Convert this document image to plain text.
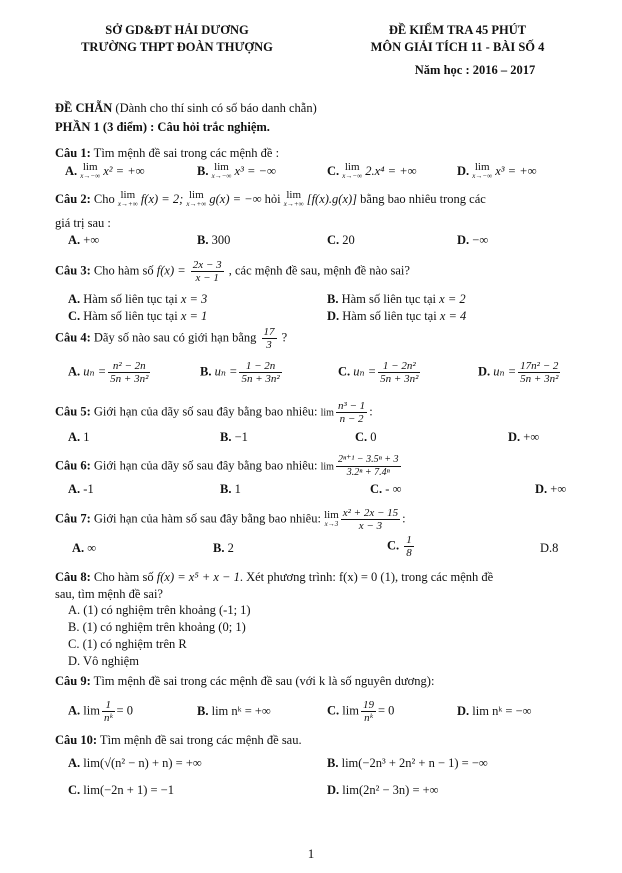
SỞ GD&ĐT HẢI DƯƠNG
TRƯỜNG THPT ĐOÀN THƯỢNG
ĐỀ KIỂM TRA 45 PHÚT
MÔN GIẢI TÍCH 11 - BÀI SỐ 4
Năm học : 2016 – 2017
ĐỀ CHẴN (Dành cho thí sinh có số báo danh chẵn)
PHẦN 1 (3 điểm) : Câu hỏi trắc nghiệm.
Câu 1: Tìm mệnh đề sai trong các mệnh đề :
A. lim
x→−∞ x² = +∞	B. lim
x→−∞ x³ = −∞	C. lim
x→−∞ 2.x⁴ = +∞	D. lim
x→−∞ x³ = +∞
Câu 2: Cho lim
x→+∞ f(x) = 2; lim
x→+∞ g(x) = −∞ hỏi lim
x→+∞ [f(x).g(x)] bằng bao nhiêu trong các
giá trị sau :
A. +∞	B. 300	C. 20	D. −∞
Câu 3: Cho hàm số $f(x) = \frac{2x - 3}{x - 1}$ , các mệnh đề sau, mệnh đề nào sai?
A. Hàm số liên tục tại x = 3	B. Hàm số liên tục tại x = 2
C. Hàm số liên tục tại x = 1	D. Hàm số liên tục tại x = 4
Câu 4: Dãy số nào sau có giới hạn bằng $\frac{17}{3}$ ?
A. $u_n = \frac{\text{n² − 2n}}{\text{5n + 3n²}}$	B. $u_n = \frac{1 - 2n}{\text{5n + 3n²}}$	C. $u_n = \frac{\text{1 − 2n²}}{\text{5n + 3n²}}$	D. $u_n = \frac{\text{17n² − 2}}{\text{5n + 3n²}}$
Câu 5: Giới hạn của dãy số sau đây bằng bao nhiêu: $\lim \frac{\text{n³ − 1}}{n - 2}$ :
A. 1	B. −1	C. 0	D. +∞
Câu 6: Giới hạn của dãy số sau đây bằng bao nhiêu: $\lim \frac{\text{2ⁿ⁺¹ − 3.5ⁿ + 3}}{\text{3.2ⁿ + 7.4ⁿ}}$
A. -1	B. 1	C. - ∞	D. +∞
Câu 7: Giới hạn của hàm số sau đây bằng bao nhiêu: lim
$x\to 3 \frac{\text{x² + 2x − 15}}{x - 3}$ :
A. ∞	B. 2	C. $\frac{1}{8}$	D.8
Câu 8: Cho hàm số f(x) = x⁵ + x − 1. Xét phương trình: f(x) = 0 (1), trong các mệnh đề
sau, tìm mệnh đề sai?
A. (1) có nghiệm trên khoảng (-1; 1)
B. (1) có nghiệm trên khoảng (0; 1)
C. (1) có nghiệm trên R
D. Vô nghiệm
Câu 9: Tìm mệnh đề sai trong các mệnh đề sau (với k là số nguyên dương):
A. $\lim \frac{1}{\text{nᵏ}} = 0$	B. lim nᵏ = +∞	C. $\lim \frac{19}{\text{nᵏ}} = 0$	D. lim nᵏ = −∞
Câu 10: Tìm mệnh đề sai trong các mệnh đề sau.
A. lim(√(n² − n) + n) = +∞	B. lim(−2n³ + 2n² + n − 1) = −∞
C. lim(−2n + 1) = −1	D. lim(2n² − 3n) = +∞
1
